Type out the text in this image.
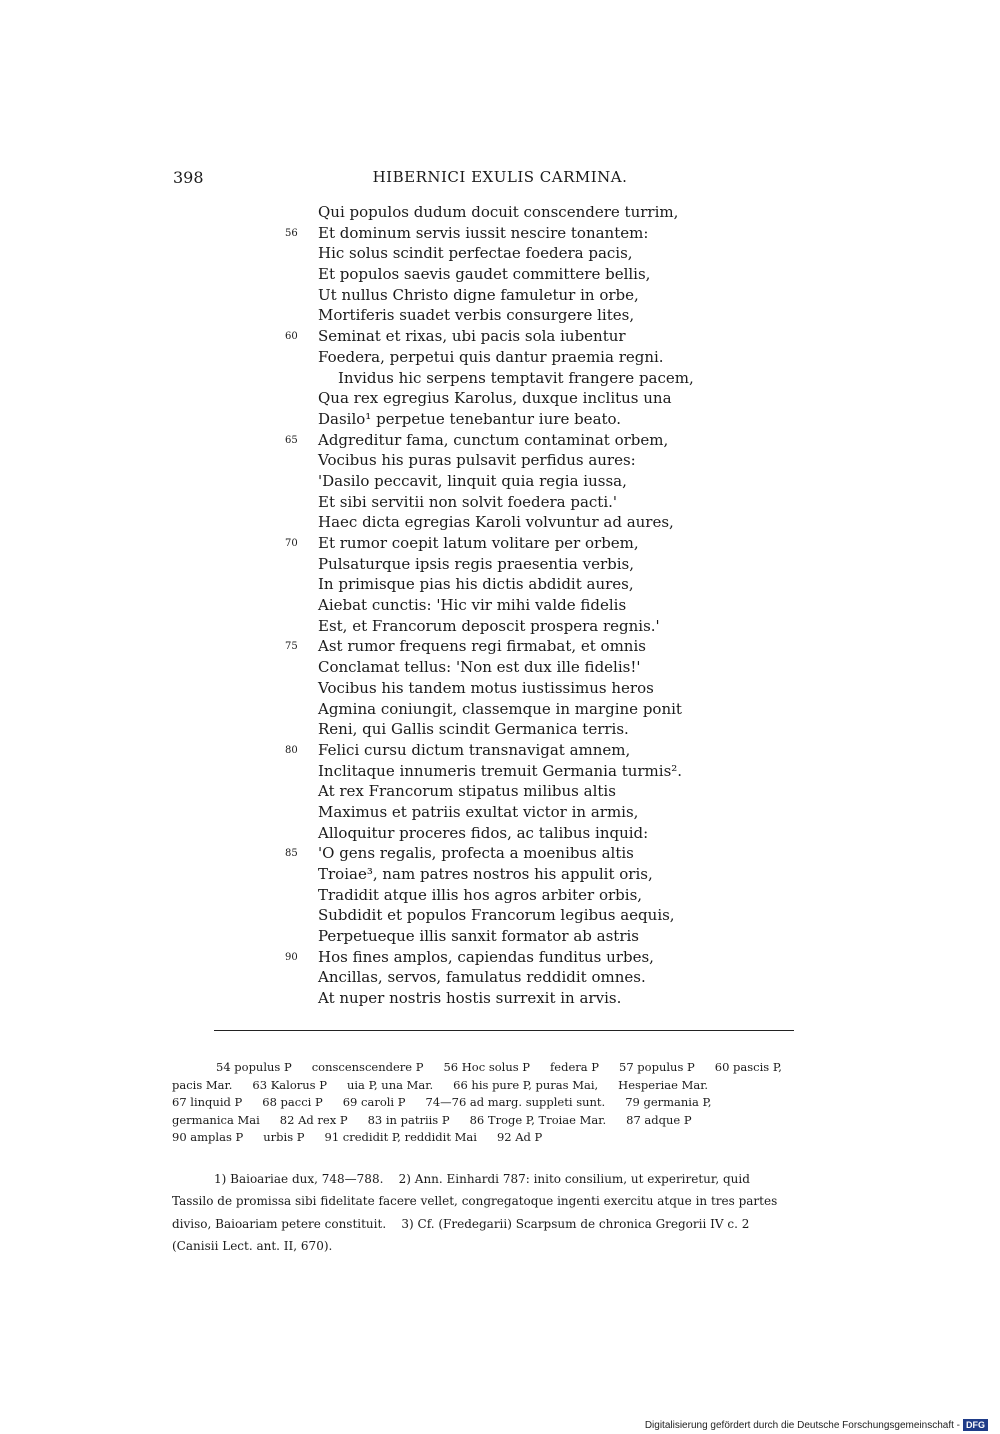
398	HIBERNICI EXULIS CARMINA.
Qui populos dudum docuit conscendere turrim,
56 Et dominum servis iussit nescire tonantem:
Hic solus scindit perfectae foedera pacis,
Et populos saevis gaudet committere bellis,
Ut nullus Christo digne famuletur in orbe,
Mortiferis suadet verbis consurgere lites,
60 Seminat et rixas, ubi pacis sola iubentur
Foedera, perpetui quis dantur praemia regni.
Invidus hic serpens temptavit frangere pacem,
Qua rex egregius Karolus, duxque inclitus una
Dasilo¹ perpetue tenebantur iure beato.
65 Adgreditur fama, cunctum contaminat orbem,
Vocibus his puras pulsavit perfidus aures:
'Dasilo peccavit, linquit quia regia iussa,
Et sibi servitii non solvit foedera pacti.'
Haec dicta egregias Karoli volvuntur ad aures,
70 Et rumor coepit latum volitare per orbem,
Pulsaturque ipsis regis praesentia verbis,
In primisque pias his dictis abdidit aures,
Aiebat cunctis: 'Hic vir mihi valde fidelis
Est, et Francorum deposcit prospera regnis.'
75 Ast rumor frequens regi firmabat, et omnis
Conclamat tellus: 'Non est dux ille fidelis!'
Vocibus his tandem motus iustissimus heros
Agmina coniungit, classemque in margine ponit
Reni, qui Gallis scindit Germanica terris.
80 Felici cursu dictum transnavigat amnem,
Inclitaque innumeris tremuit Germania turmis².
At rex Francorum stipatus milibus altis
Maximus et patriis exultat victor in armis,
Alloquitur proceres fidos, ac talibus inquid:
85 'O gens regalis, profecta a moenibus altis
Troiae³, nam patres nostros his appulit oris,
Tradidit atque illis hos agros arbiter orbis,
Subdidit et populos Francorum legibus aequis,
Perpetueque illis sanxit formator ab astris
90 Hos fines amplos, capiendas funditus urbes,
Ancillas, servos, famulatus reddidit omnes.
At nuper nostris hostis surrexit in arvis.
54 populus P conscenscendere P 56 Hoc solus P federa P 57 populus P 60 pascis P,
pacis Mar. 63 Kalorus P uia P, una Mar. 66 his pure P, puras Mai, Hesperiae Mar.
67 linquid P 68 pacci P 69 caroli P 74—76 ad marg. suppleti sunt. 79 germania P,
germanica Mai 82 Ad rex P 83 in patriis P 86 Troge P, Troiae Mar. 87 adque P
90 amplas P urbis P 91 credidit P, reddidit Mai 92 Ad P
1) Baioariae dux, 748—788.    2) Ann. Einhardi 787: inito consilium, ut experiretur, quid
Tassilo de promissa sibi fidelitate facere vellet, congregatoque ingenti exercitu atque in tres partes
diviso, Baioariam petere constituit.    3) Cf. (Fredegarii) Scarpsum de chronica Gregorii IV c. 2
(Canisii Lect. ant. II, 670).
Digitalisierung gefördert durch die Deutsche Forschungsgemeinschaft - DFG
